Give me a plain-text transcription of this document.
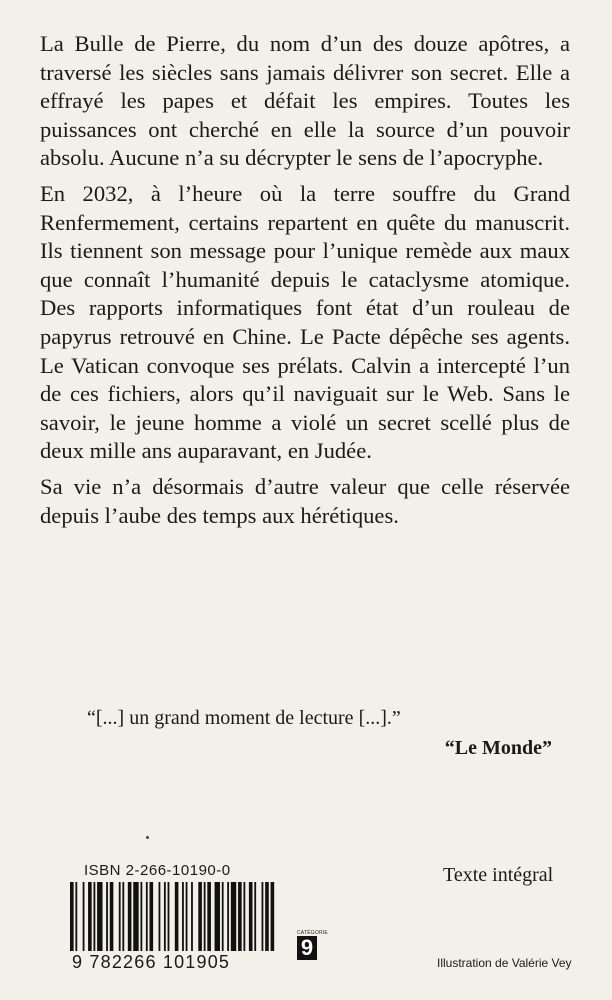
La Bulle de Pierre, du nom d’un des douze apôtres, a traversé les siècles sans jamais délivrer son secret. Elle a effrayé les papes et défait les empires. Toutes les puissances ont cherché en elle la source d’un pouvoir absolu. Aucune n’a su décrypter le sens de l’apocryphe.

En 2032, à l’heure où la terre souffre du Grand Renfermement, certains repartent en quête du manuscrit. Ils tiennent son message pour l’unique remède aux maux que connaît l’humanité depuis le cataclysme atomique. Des rapports informatiques font état d’un rouleau de papyrus retrouvé en Chine. Le Pacte dépêche ses agents. Le Vatican convoque ses prélats. Calvin a intercepté l’un de ces fichiers, alors qu’il naviguait sur le Web. Sans le savoir, le jeune homme a violé un secret scellé plus de deux mille ans auparavant, en Judée.

Sa vie n’a désormais d’autre valeur que celle réservée depuis l’aube des temps aux hérétiques.

“[...] un grand moment de lecture [...].”
“Le Monde”
ISBN 2-266-10190-0	Texte intégral
9 782266 101905
CATÉGORIE
9
Illustration de Valérie Vey
